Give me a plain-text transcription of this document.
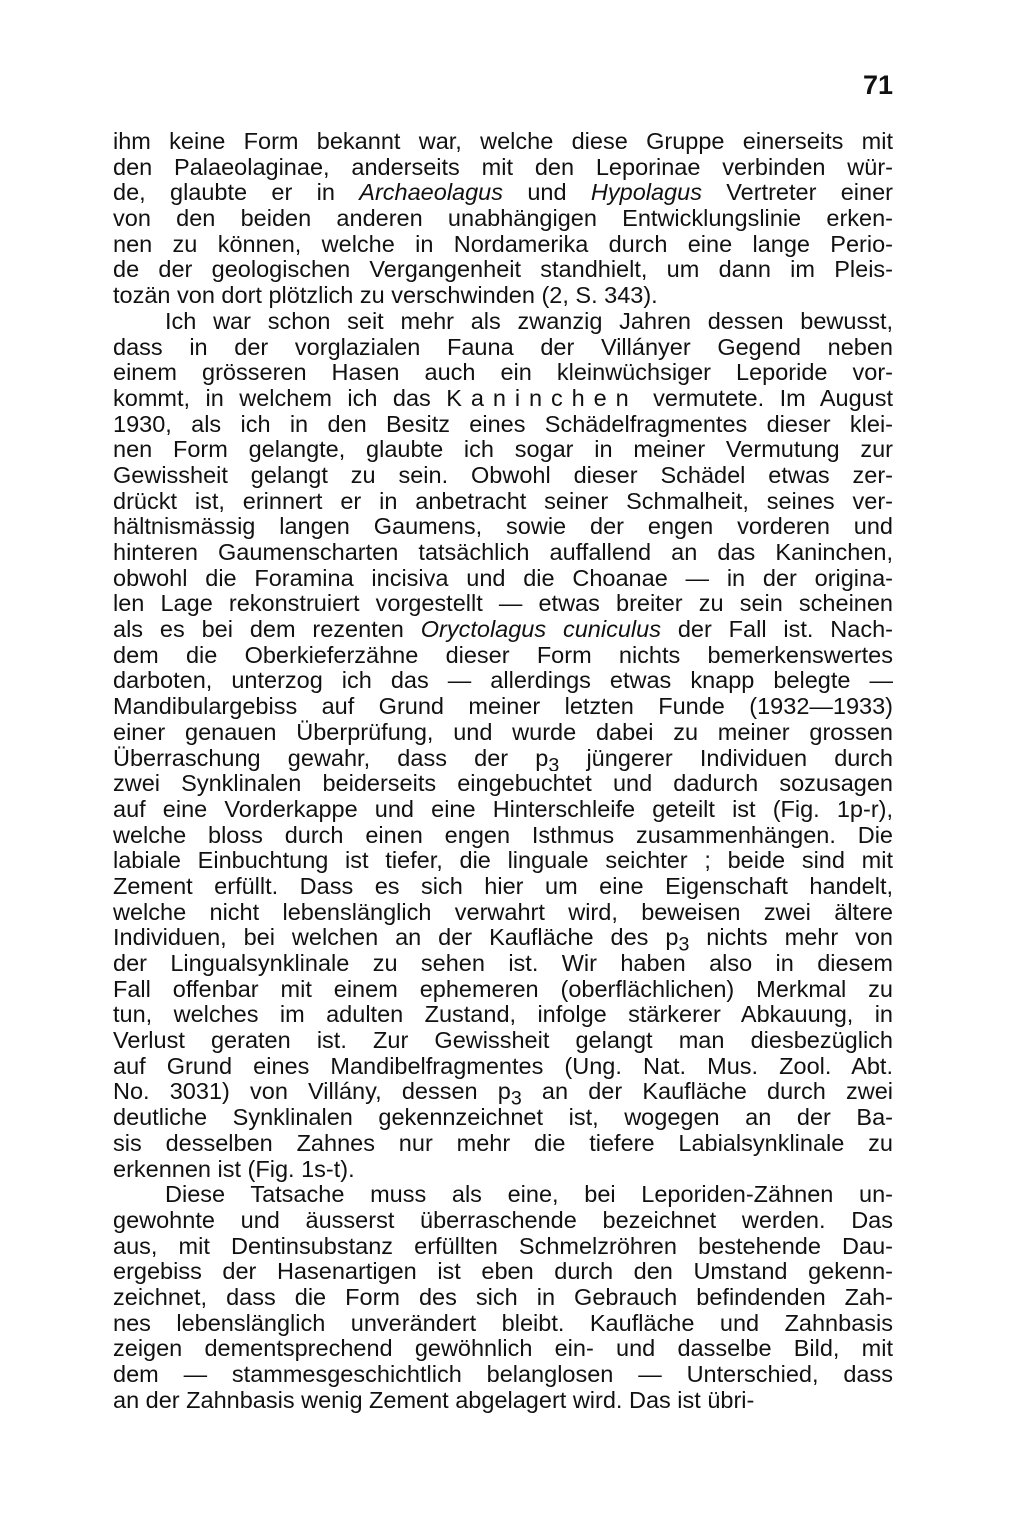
71
ihm keine Form bekannt war, welche diese Gruppe einerseits mit
den Palaeolaginae, anderseits mit den Leporinae verbinden wür-
de, glaubte er in Archaeolagus und Hypolagus Vertreter einer
von den beiden anderen unabhängigen Entwicklungslinie erken-
nen zu können, welche in Nordamerika durch eine lange Perio-
de der geologischen Vergangenheit standhielt, um dann im Pleis-
tozän von dort plötzlich zu verschwinden (2, S. 343).
Ich war schon seit mehr als zwanzig Jahren dessen bewusst,
dass in der vorglazialen Fauna der Villányer Gegend neben
einem grösseren Hasen auch ein kleinwüchsiger Leporide vor-
kommt, in welchem ich das Kaninchen vermutete. Im August
1930, als ich in den Besitz eines Schädelfragmentes dieser klei-
nen Form gelangte, glaubte ich sogar in meiner Vermutung zur
Gewissheit gelangt zu sein. Obwohl dieser Schädel etwas zer-
drückt ist, erinnert er in anbetracht seiner Schmalheit, seines ver-
hältnismässig langen Gaumens, sowie der engen vorderen und
hinteren Gaumenscharten tatsächlich auffallend an das Kaninchen,
obwohl die Foramina incisiva und die Choanae — in der origina-
len Lage rekonstruiert vorgestellt — etwas breiter zu sein scheinen
als es bei dem rezenten Oryctolagus cuniculus der Fall ist. Nach-
dem die Oberkieferzähne dieser Form nichts bemerkenswertes
darboten, unterzog ich das — allerdings etwas knapp belegte —
Mandibulargebiss auf Grund meiner letzten Funde (1932—1933)
einer genauen Überprüfung, und wurde dabei zu meiner grossen
Überraschung gewahr, dass der $p_3$ jüngerer Individuen durch
zwei Synklinalen beiderseits eingebuchtet und dadurch sozusagen
auf eine Vorderkappe und eine Hinterschleife geteilt ist (Fig. 1p-r),
welche bloss durch einen engen Isthmus zusammenhängen. Die
labiale Einbuchtung ist tiefer, die linguale seichter ; beide sind mit
Zement erfüllt. Dass es sich hier um eine Eigenschaft handelt,
welche nicht lebenslänglich verwahrt wird, beweisen zwei ältere
Individuen, bei welchen an der Kaufläche des $p_3$ nichts mehr von
der Lingualsynklinale zu sehen ist. Wir haben also in diesem
Fall offenbar mit einem ephemeren (oberflächlichen) Merkmal zu
tun, welches im adulten Zustand, infolge stärkerer Abkauung, in
Verlust geraten ist. Zur Gewissheit gelangt man diesbezüglich
auf Grund eines Mandibelfragmentes (Ung. Nat. Mus. Zool. Abt.
No. 3031) von Villány, dessen $p_3$ an der Kaufläche durch zwei
deutliche Synklinalen gekennzeichnet ist, wogegen an der Ba-
sis desselben Zahnes nur mehr die tiefere Labialsynklinale zu
erkennen ist (Fig. 1s-t).
Diese Tatsache muss als eine, bei Leporiden-Zähnen un-
gewohnte und äusserst überraschende bezeichnet werden. Das
aus, mit Dentinsubstanz erfüllten Schmelzröhren bestehende Dau-
ergebiss der Hasenartigen ist eben durch den Umstand gekenn-
zeichnet, dass die Form des sich in Gebrauch befindenden Zah-
nes lebenslänglich unverändert bleibt. Kaufläche und Zahnbasis
zeigen dementsprechend gewöhnlich ein- und dasselbe Bild, mit
dem — stammesgeschichtlich belanglosen — Unterschied, dass
an der Zahnbasis wenig Zement abgelagert wird. Das ist übri-
